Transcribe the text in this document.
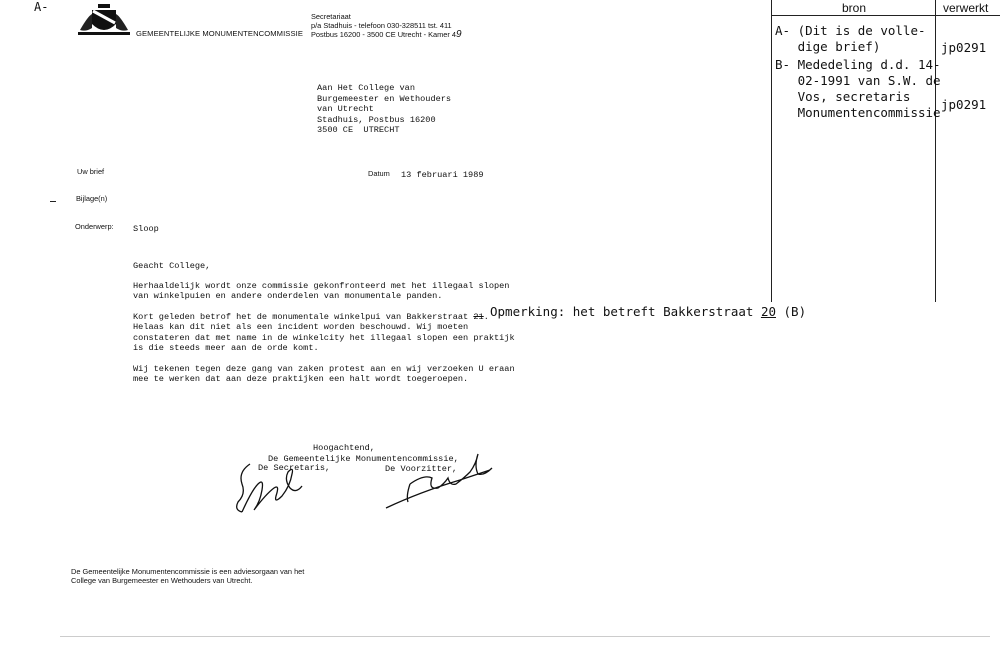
A-
GEMEENTELIJKE MONUMENTENCOMMISSIE
Secretariaat
p/a Stadhuis - telefoon 030-328511 tst. 411
Postbus 16200 - 3500 CE Utrecht - Kamer 49
Aan Het College van
Burgemeester en Wethouders
van Utrecht
Stadhuis, Postbus 16200
3500 CE  UTRECHT
Uw brief	Datum 13 februari 1989
Bijlage(n)
Onderwerp: Sloop
Geacht College,
Herhaaldelijk wordt onze commissie gekonfronteerd met het illegaal slopen
van winkelpuien en andere onderdelen van monumentale panden.
Kort geleden betrof het de monumentale winkelpui van Bakkerstraat 21.
Helaas kan dit niet als een incident worden beschouwd. Wij moeten
constateren dat met name in de winkelcity het illegaal slopen een praktijk
is die steeds meer aan de orde komt.
Wij tekenen tegen deze gang van zaken protest aan en wij verzoeken U eraan
mee te werken dat aan deze praktijken een halt wordt toegeroepen.
Hoogachtend,
De Gemeentelijke Monumentencommissie,
De Secretaris,	De Voorzitter,
De Gemeentelijke Monumentencommissie is een adviesorgaan van het
College van Burgemeester en Wethouders van Utrecht.
Opmerking: het betreft Bakkerstraat 20 (B)
bron	verwerkt
A- (Dit is de volle-
dige brief)	jp0291
B- Mededeling d.d. 14-
02-1991 van S.W. de
Vos, secretaris
Monumentencommissie
jp0291
